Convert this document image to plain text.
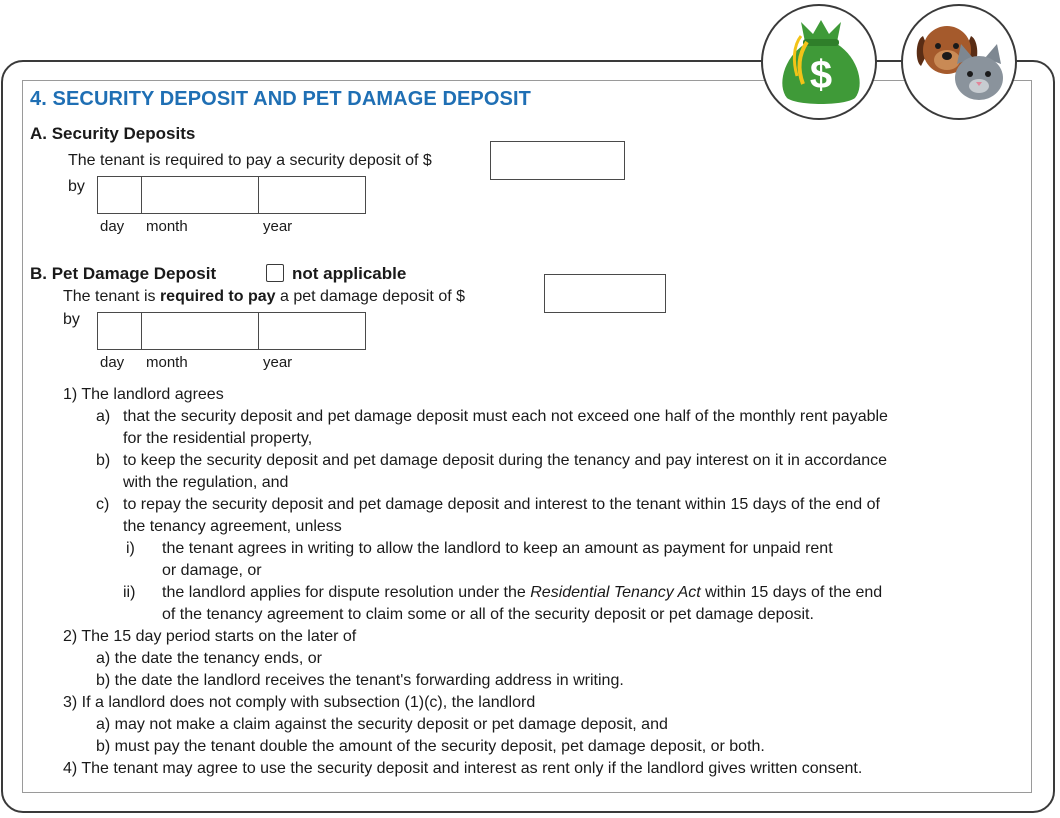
$
4. SECURITY DEPOSIT AND PET DAMAGE DEPOSIT
A. Security Deposits
The tenant is required to pay a security deposit of $
by
day month	year
B. Pet Damage Deposit	not applicable
The tenant is required to pay a pet damage deposit of $
by
day month	year
1) The landlord agrees
a) that the security deposit and pet damage deposit must each not exceed one half of the monthly rent payable
for the residential property,
b) to keep the security deposit and pet damage deposit during the tenancy and pay interest on it in accordance
with the regulation, and
c) to repay the security deposit and pet damage deposit and interest to the tenant within 15 days of the end of
the tenancy agreement, unless
i) the tenant agrees in writing to allow the landlord to keep an amount as payment for unpaid rent
or damage, or
ii) the landlord applies for dispute resolution under the Residential Tenancy Act within 15 days of the end
of the tenancy agreement to claim some or all of the security deposit or pet damage deposit.
2) The 15 day period starts on the later of
a) the date the tenancy ends, or
b) the date the landlord receives the tenant's forwarding address in writing.
3) If a landlord does not comply with subsection (1)(c), the landlord
a) may not make a claim against the security deposit or pet damage deposit, and
b) must pay the tenant double the amount of the security deposit, pet damage deposit, or both.
4) The tenant may agree to use the security deposit and interest as rent only if the landlord gives written consent.
